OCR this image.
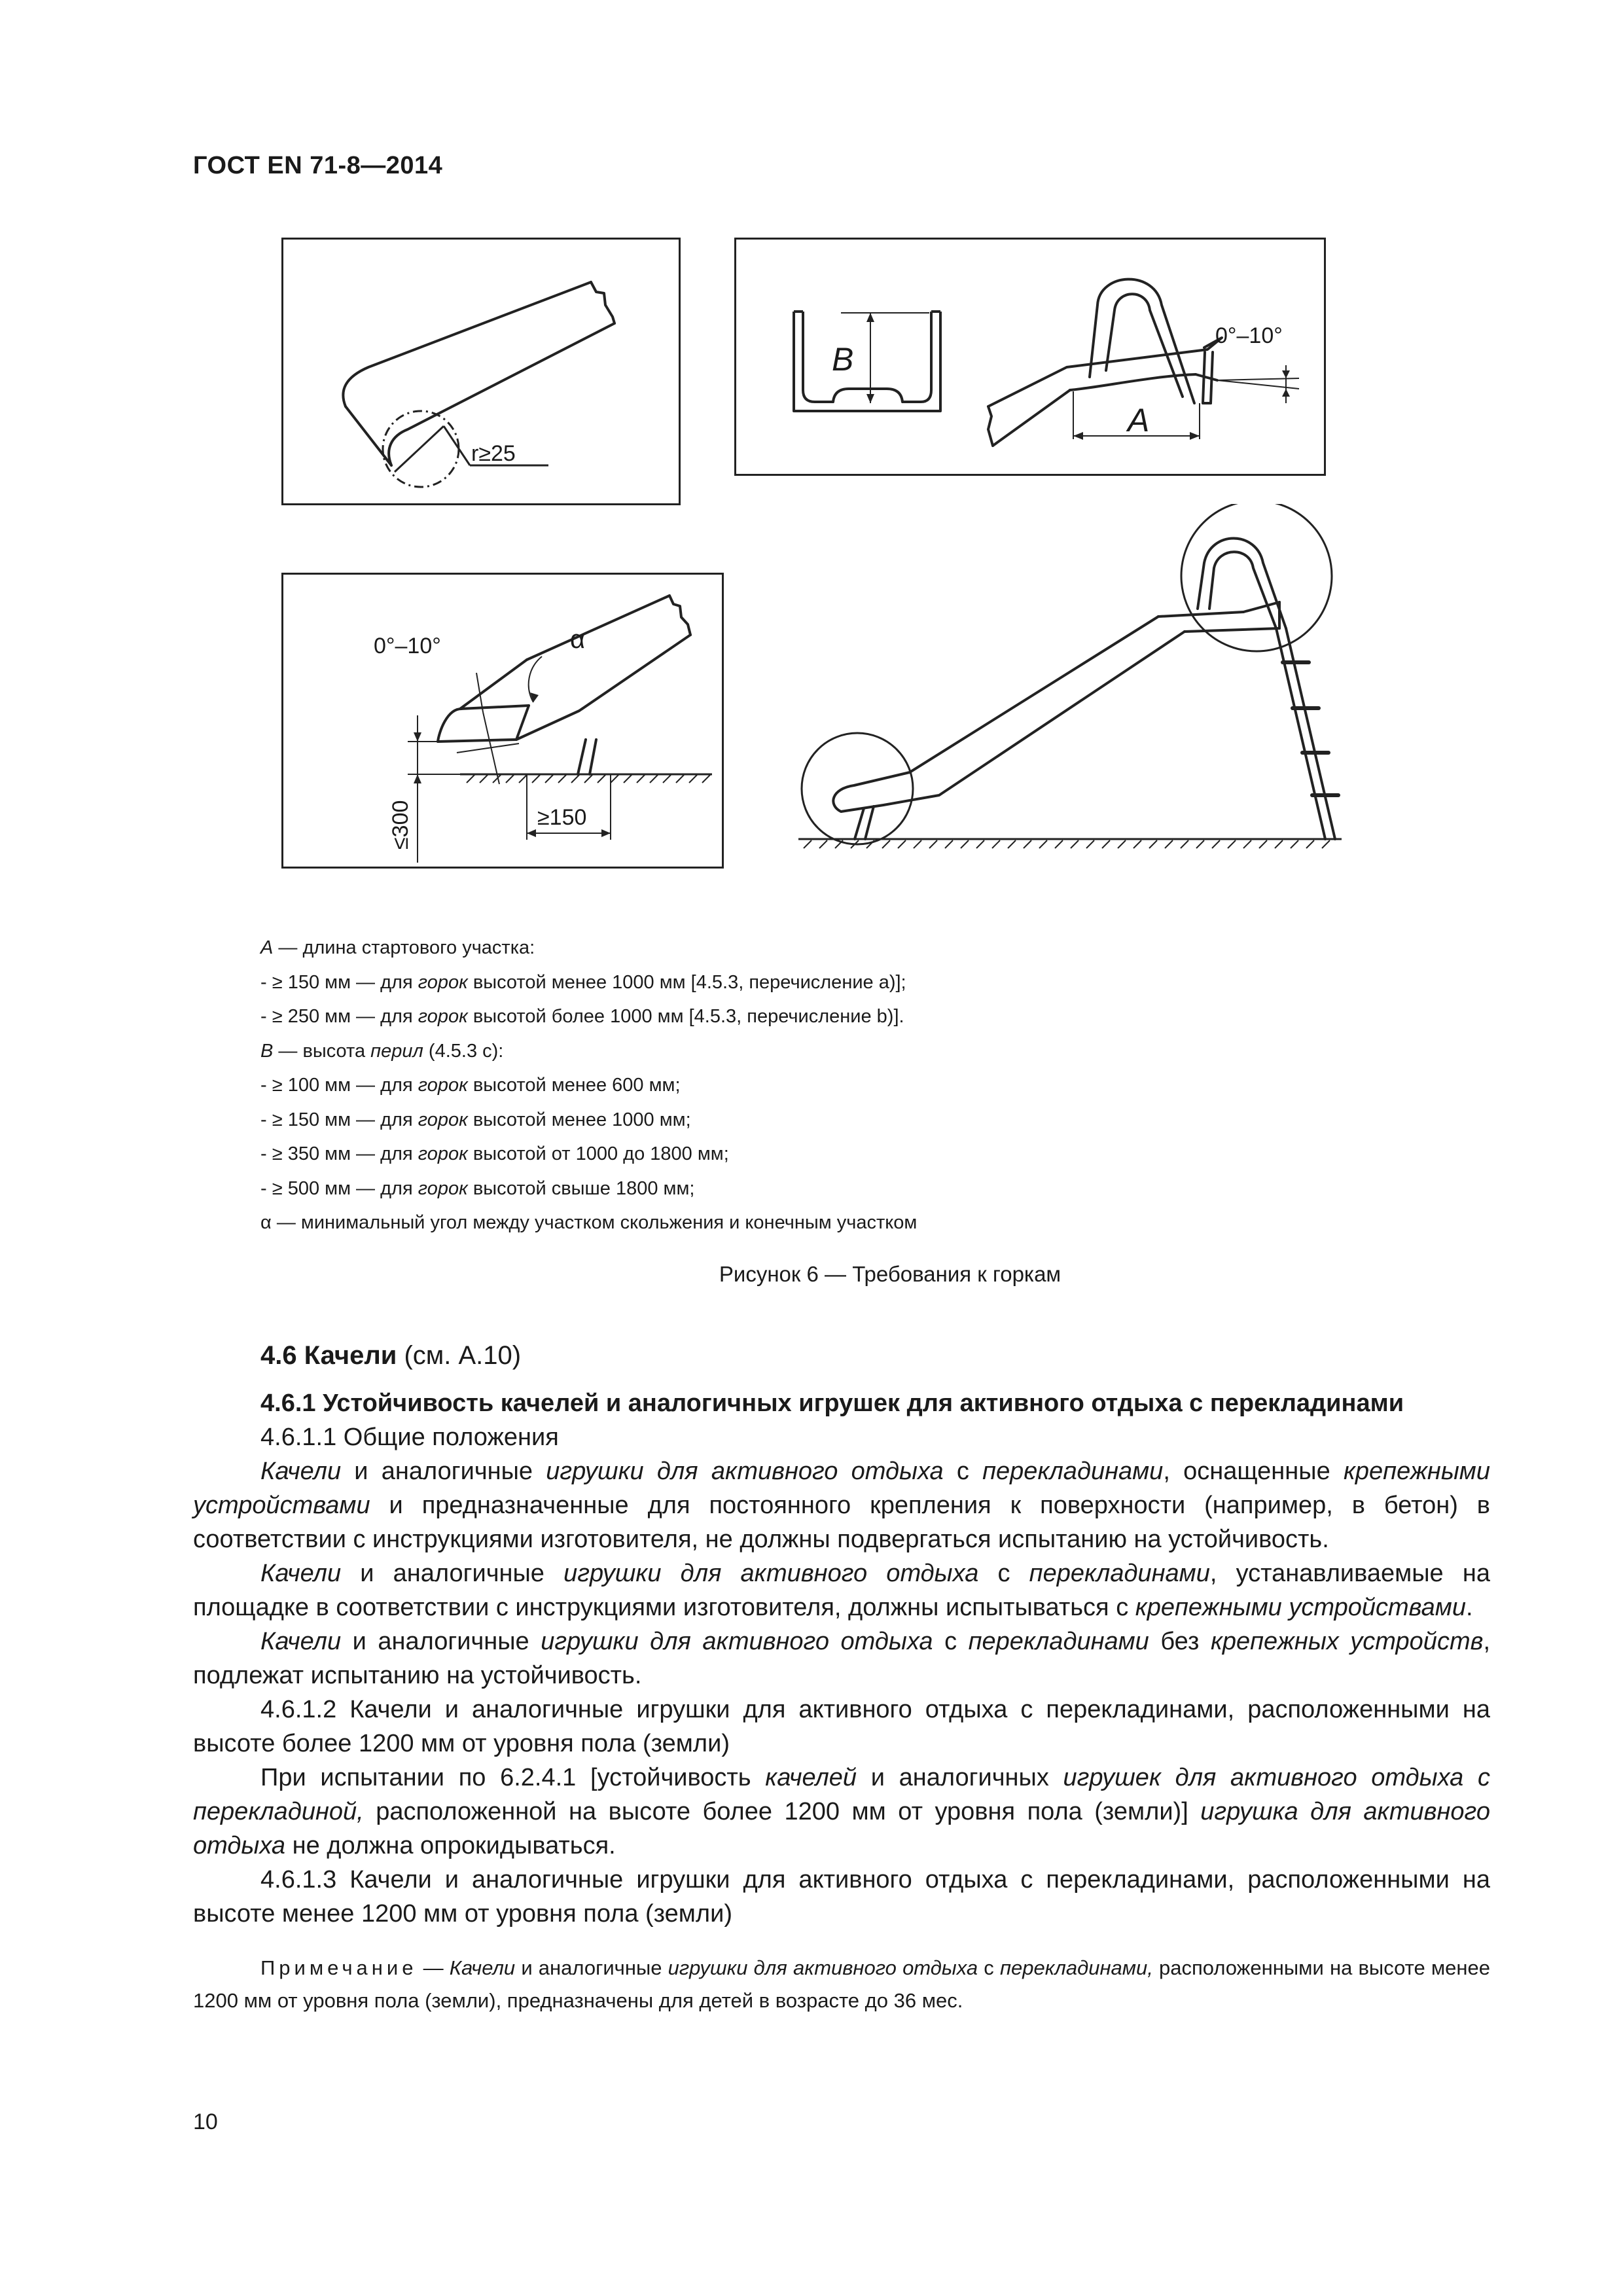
ГОСТ EN 71-8—2014
r≥25
B
A
0°–10°
0°–10°	α
≤300	≥150
A — длина стартового участка:
- ≥ 150 мм — для горок высотой менее 1000 мм [4.5.3, перечисление a)];
- ≥ 250 мм — для горок высотой более 1000 мм [4.5.3, перечисление b)].
B — высота перил (4.5.3 c):
- ≥ 100 мм — для горок высотой менее 600 мм;
- ≥ 150 мм — для горок высотой менее 1000 мм;
- ≥ 350 мм — для горок высотой от 1000 до 1800 мм;
- ≥ 500 мм — для горок высотой свыше 1800 мм;
α — минимальный угол между участком скольжения и конечным участком
Рисунок 6 — Требования к горкам
4.6 Качели (см. А.10)
4.6.1 Устойчивость качелей и аналогичных игрушек для активного отдыха с перекладинами
4.6.1.1 Общие положения

Качели и аналогичные игрушки для активного отдыха с перекладинами, оснащенные крепежными устройствами и предназначенные для постоянного крепления к поверхности (например, в бетон) в соответствии с инструкциями изготовителя, не должны подвергаться испытанию на устойчивость.

Качели и аналогичные игрушки для активного отдыха с перекладинами, устанавливаемые на площадке в соответствии с инструкциями изготовителя, должны испытываться с крепежными устройствами.

Качели и аналогичные игрушки для активного отдыха с перекладинами без крепежных устройств, подлежат испытанию на устойчивость.

4.6.1.2 Качели и аналогичные игрушки для активного отдыха с перекладинами, расположенными на высоте более 1200 мм от уровня пола (земли)

При испытании по 6.2.4.1 [устойчивость качелей и аналогичных игрушек для активного отдыха с перекладиной, расположенной на высоте более 1200 мм от уровня пола (земли)] игрушка для активного отдыха не должна опрокидываться.

4.6.1.3 Качели и аналогичные игрушки для активного отдыха с перекладинами, расположенными на высоте менее 1200 мм от уровня пола (земли)

Примечание — Качели и аналогичные игрушки для активного отдыха с перекладинами, расположенными на высоте менее 1200 мм от уровня пола (земли), предназначены для детей в возрасте до 36 мес.
10
